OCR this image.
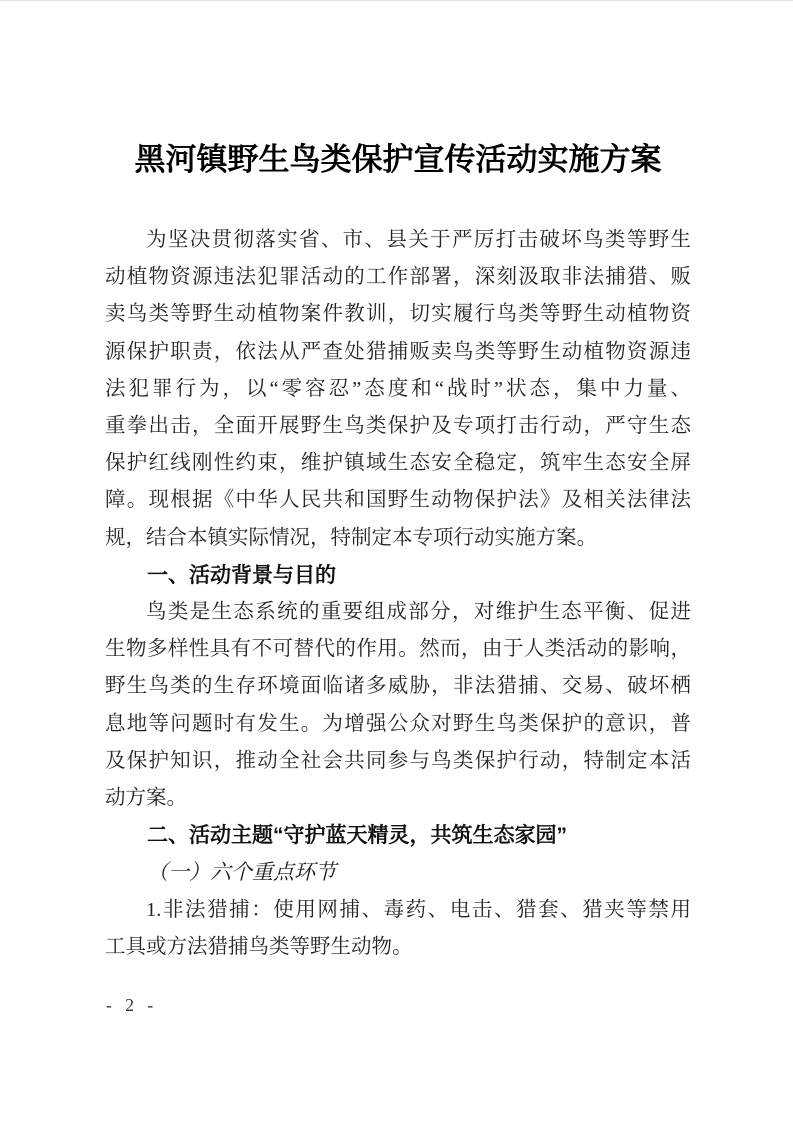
黑河镇野生鸟类保护宣传活动实施方案
为坚决贯彻落实省、市、县关于严厉打击破坏鸟类等野生
动植物资源违法犯罪活动的工作部署，深刻汲取非法捕猎、贩
卖鸟类等野生动植物案件教训，切实履行鸟类等野生动植物资
源保护职责，依法从严查处猎捕贩卖鸟类等野生动植物资源违
法犯罪行为，以“零容忍”态度和“战时”状态，集中力量、
重拳出击，全面开展野生鸟类保护及专项打击行动，严守生态
保护红线刚性约束，维护镇域生态安全稳定，筑牢生态安全屏
障。现根据《中华人民共和国野生动物保护法》及相关法律法
规，结合本镇实际情况，特制定本专项行动实施方案。
一、活动背景与目的
鸟类是生态系统的重要组成部分，对维护生态平衡、促进
生物多样性具有不可替代的作用。然而，由于人类活动的影响，
野生鸟类的生存环境面临诸多威胁，非法猎捕、交易、破坏栖
息地等问题时有发生。为增强公众对野生鸟类保护的意识，普
及保护知识，推动全社会共同参与鸟类保护行动，特制定本活
动方案。
二、活动主题“守护蓝天精灵，共筑生态家园”
（一）六个重点环节
1.非法猎捕：使用网捕、毒药、电击、猎套、猎夹等禁用
工具或方法猎捕鸟类等野生动物。
- 2 -
